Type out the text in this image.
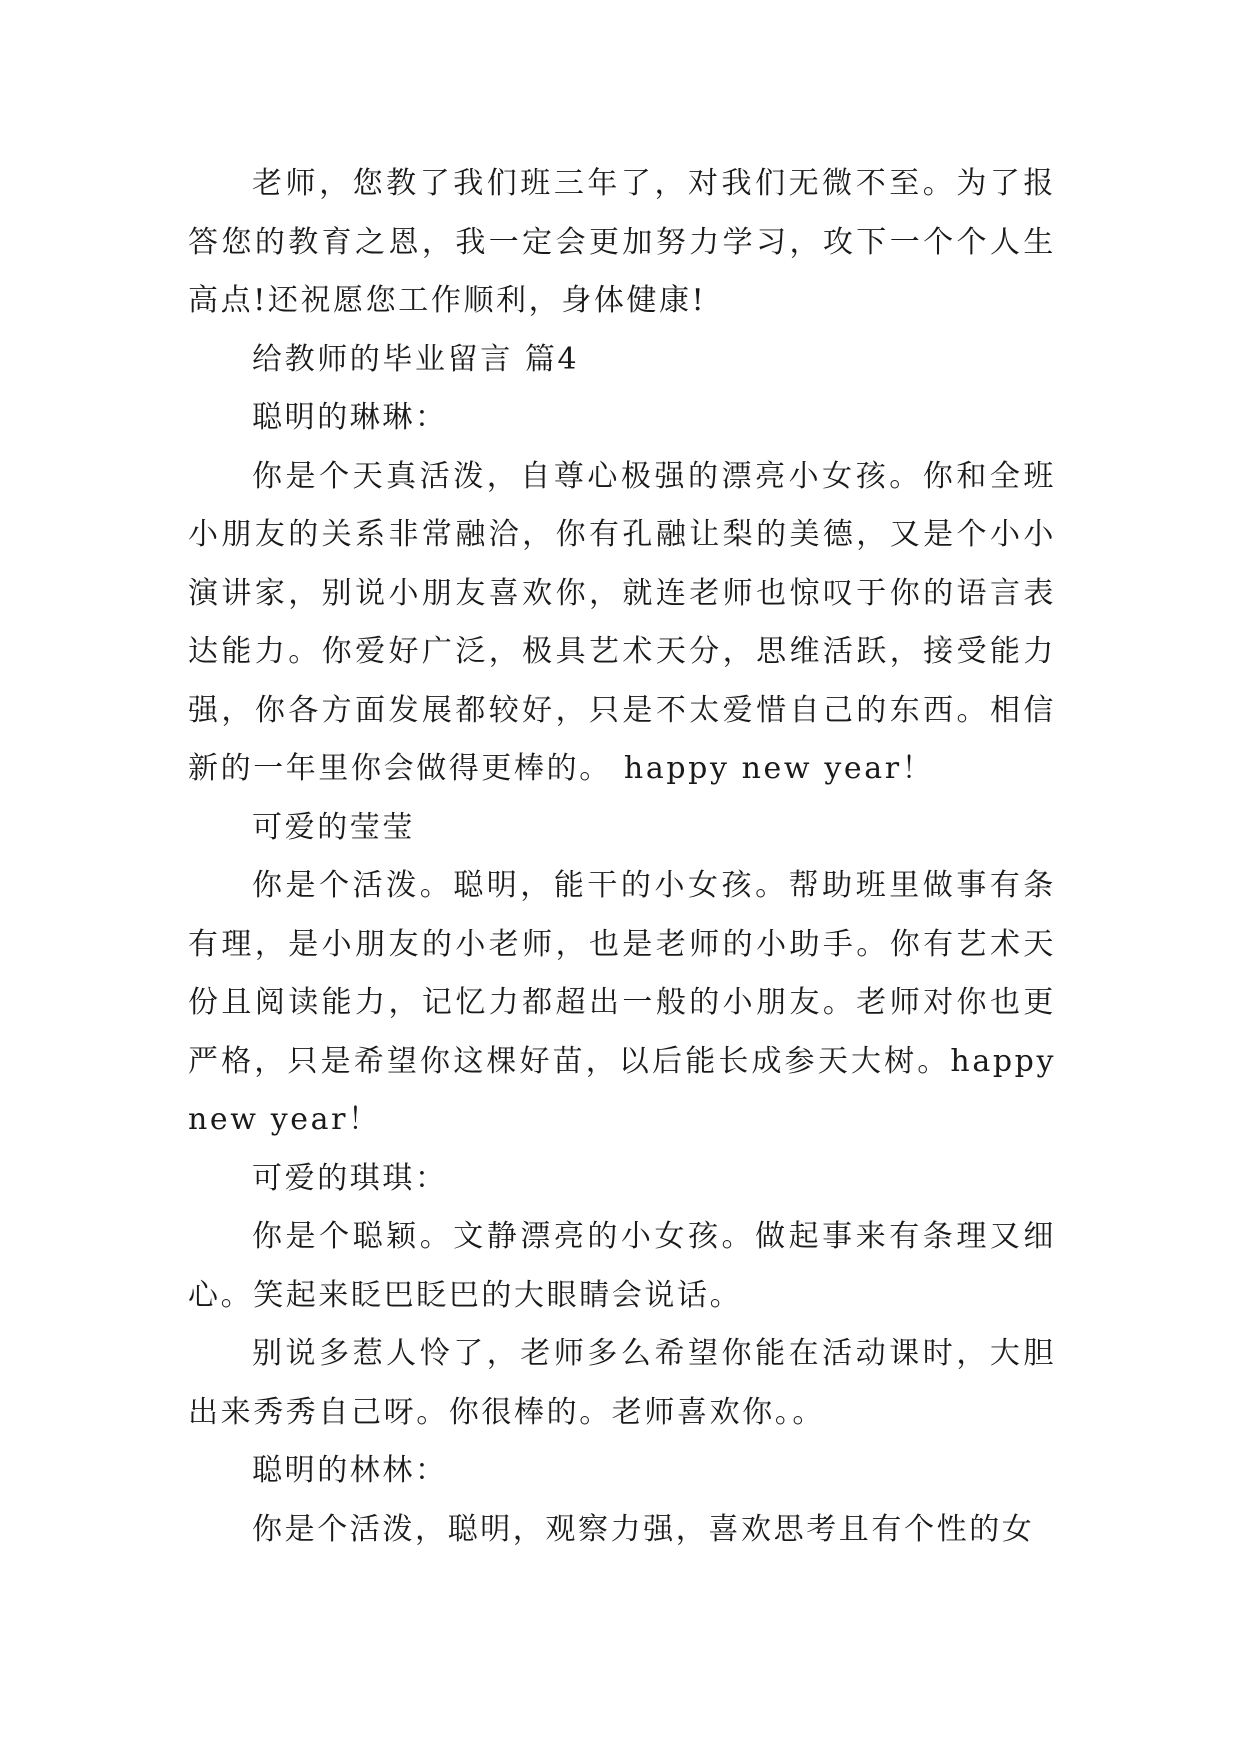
老师，您教了我们班三年了，对我们无微不至。为了报答您的教育之恩，我一定会更加努力学习，攻下一个个人生高点!还祝愿您工作顺利，身体健康!

给教师的毕业留言 篇4

聪明的琳琳：

你是个天真活泼，自尊心极强的漂亮小女孩。你和全班小朋友的关系非常融洽，你有孔融让梨的美德，又是个小小演讲家，别说小朋友喜欢你，就连老师也惊叹于你的语言表达能力。你爱好广泛，极具艺术天分，思维活跃，接受能力强，你各方面发展都较好，只是不太爱惜自己的东西。相信新的一年里你会做得更棒的。 happy new year！

可爱的莹莹

你是个活泼。聪明，能干的小女孩。帮助班里做事有条有理，是小朋友的小老师，也是老师的小助手。你有艺术天份且阅读能力，记忆力都超出一般的小朋友。老师对你也更严格，只是希望你这棵好苗，以后能长成参天大树。happy new year！

可爱的琪琪：

你是个聪颖。文静漂亮的小女孩。做起事来有条理又细心。笑起来眨巴眨巴的大眼睛会说话。

别说多惹人怜了，老师多么希望你能在活动课时，大胆出来秀秀自己呀。你很棒的。老师喜欢你。。

聪明的林林：

你是个活泼，聪明，观察力强，喜欢思考且有个性的女
